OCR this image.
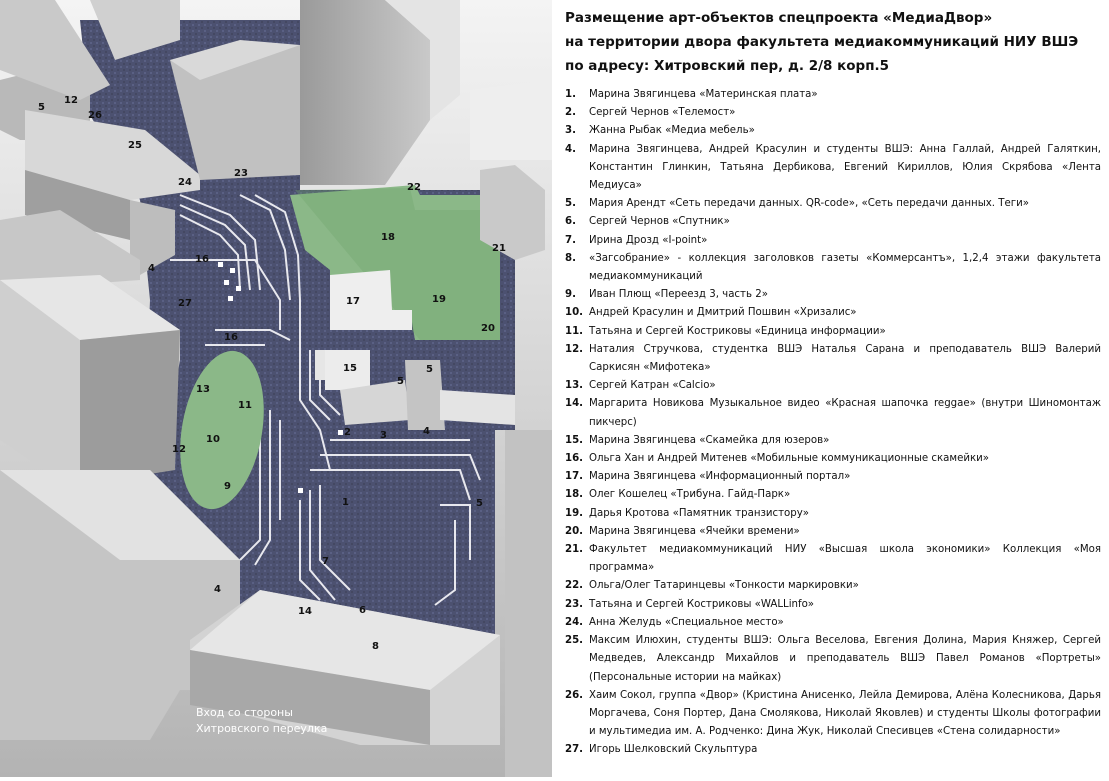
5
12
26
25
24
23
22
18
21
4
16
27	17	19
20
16
15
5
5
13
11
12
10
2	3	4
9
1	5
7
4
14	6
8
Вход со стороны
Хитровского переулка
Размещение арт-объектов спецпроекта «МедиаДвор»
на территории двора факультета медиакоммуникаций НИУ ВШЭ
по адресу: Хитровский пер, д. 2/8 корп.5
1.	Марина Звягинцева «Материнская плата»
2.	Сергей Чернов «Телемост»
3.	Жанна Рыбак «Медиа мебель»
4.	Марина Звягинцева, Андрей Красулин и студенты ВШЭ: Анна Галлай, Андрей Галяткин, Константин Глинкин, Татьяна Дербикова, Евгений Кириллов, Юлия Скрябова «Лента Медиуса»
5.	Мария Арендт «Сеть передачи данных. QR-code», «Сеть передачи данных. Теги»
6.	Сергей Чернов «Спутник»
7.	Ирина Дрозд «I-point»
8.	«Загсобрание» - коллекция заголовков газеты «Коммерсантъ», 1,2,4 этажи факультета медиакоммуникаций
9.	Иван Плющ «Переезд 3, часть 2»
10. Андрей Красулин и Дмитрий Пошвин «Хризалис»
11. Татьяна и Сергей Костриковы «Единица информации»
12. Наталия Стручкова, студентка ВШЭ Наталья Сарана и преподаватель ВШЭ Валерий Саркисян «Мифотека»
13. Сергей Катран «Calcio»
14. Маргарита Новикова Музыкальное видео «Красная шапочка reggae» (внутри Шиномонтаж пикчерс)
15. Марина Звягинцева «Скамейка для юзеров»
16. Ольга Хан и Андрей Митенев «Мобильные коммуникационные скамейки»
17. Марина Звягинцева «Информационный портал»
18. Олег Кошелец «Трибуна. Гайд-Парк»
19. Дарья Кротова «Памятник транзистору»
20. Марина Звягинцева «Ячейки времени»
21. Факультет медиакоммуникаций НИУ «Высшая школа экономики» Коллекция «Моя программа»
22. Ольга/Олег Татаринцевы «Тонкости маркировки»
23. Татьяна и Сергей Костриковы «WALLinfo»
24. Анна Желудь «Специальное место»
25. Максим Илюхин, студенты ВШЭ: Ольга Веселова, Евгения Долина, Мария Княжер, Сергей Медведев, Александр Михайлов и преподаватель ВШЭ Павел Романов «Портреты» (Персональные истории на майках)
26. Хаим Сокол, группа «Двор» (Кристина Анисенко, Лейла Демирова, Алёна Колесникова, Дарья Моргачева, Соня Портер, Дана Смолякова, Николай Яковлев) и студенты Школы фотографии и мультимедиа им. А. Родченко: Дина Жук, Николай Спесивцев «Стена солидарности»
27. Игорь Шелковский Скульптура
